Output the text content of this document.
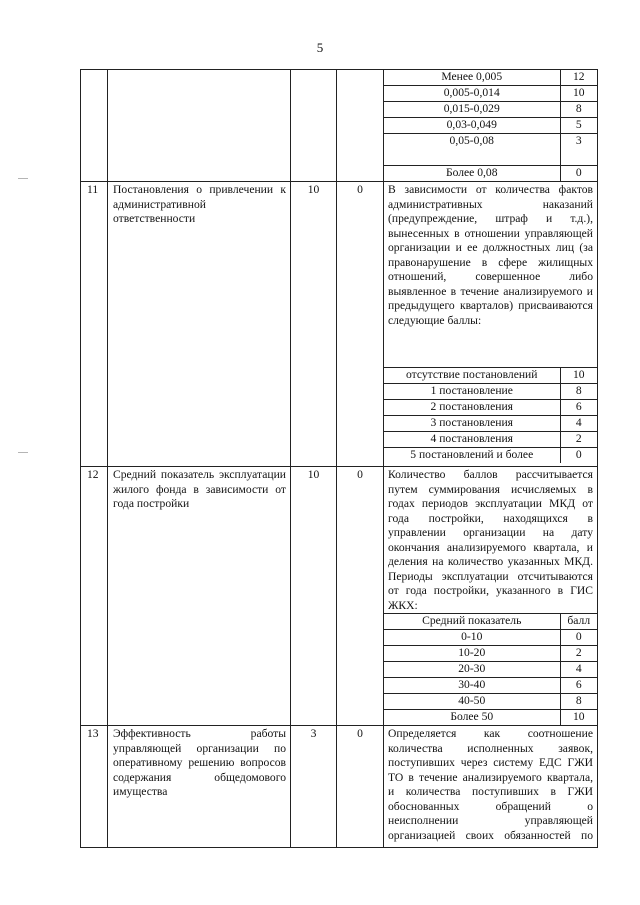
5

Менее 0,005	12
0,005-0,014	10
0,015-0,029	8
0,03-0,049	5
0,05-0,08	3

Более 0,08	0

11	Постановления о привлечении к административной ответственности	10	0	В зависимости от количества фактов административных наказаний (предупреждение, штраф и т.д.), вынесенных в отношении управляющей организации и ее должностных лиц (за правонарушение в сфере жилищных отношений, совершенное либо выявленное в течение анализируемого и предыдущего кварталов) присваиваются следующие баллы:
отсутствие постановлений	10
1 постановление	8
2 постановления	6
3 постановления	4
4 постановления	2
5 постановлений и более	0

12	Средний показатель эксплуатации жилого фонда в зависимости от года постройки	10	0	Количество баллов рассчитывается путем суммирования исчисляемых в годах периодов эксплуатации МКД от года постройки, находящихся в управлении организации на дату окончания анализируемого квартала, и деления на количество указанных МКД. Периоды эксплуатации отсчитываются от года постройки, указанного в ГИС ЖКХ:
Средний показатель	балл
0-10	0
10-20	2
20-30	4
30-40	6
40-50	8
Более 50	10

13	Эффективность работы управляющей организации по оперативному решению вопросов содержания общедомового имущества	3	0	Определяется как соотношение количества исполненных заявок, поступивших через систему ЕДС ГЖИ ТО в течение анализируемого квартала, и количества поступивших в ГЖИ обоснованных обращений о неисполнении управляющей организацией своих обязанностей по
